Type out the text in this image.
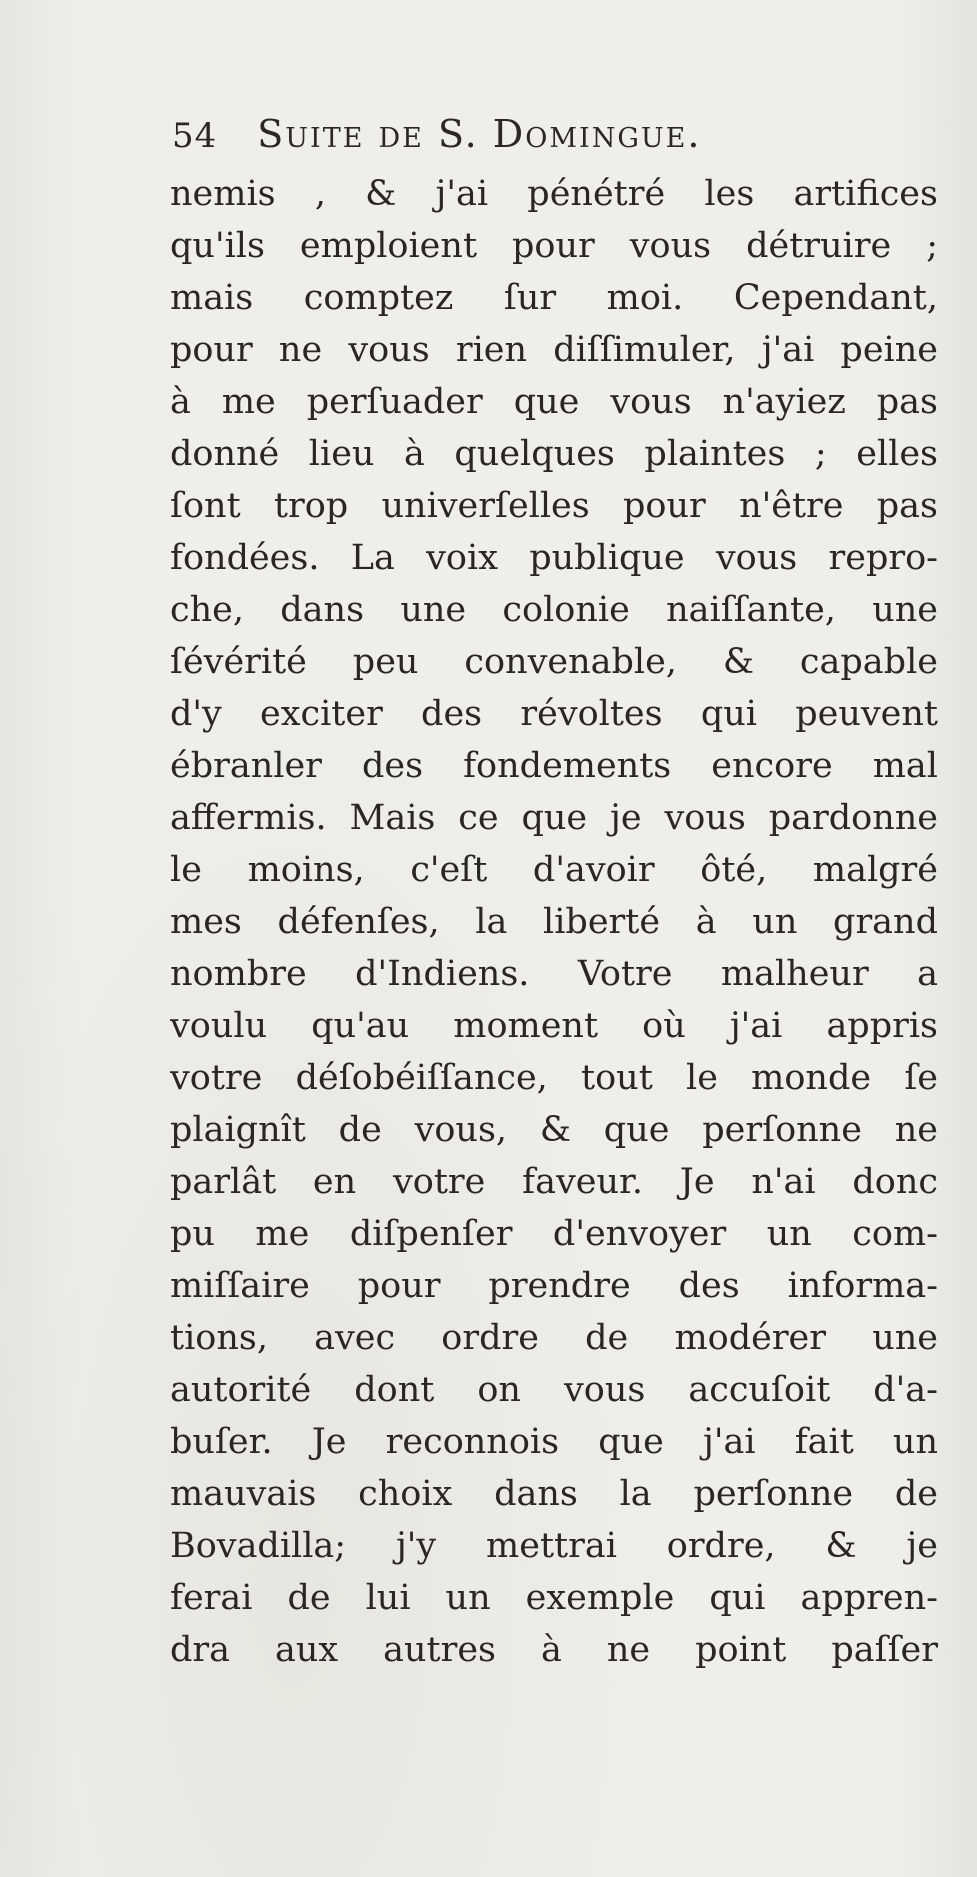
54 Suite de S. Domingue.
nemis , & j'ai pénétré les artifices
qu'ils emploient pour vous détruire ;
mais comptez ſur moi. Cependant,
pour ne vous rien diſſimuler, j'ai peine
à me perſuader que vous n'ayiez pas
donné lieu à quelques plaintes ; elles
ſont trop univerſelles pour n'être pas
fondées. La voix publique vous repro-
che, dans une colonie naiſſante, une
ſévérité peu convenable, & capable
d'y exciter des révoltes qui peuvent
ébranler des fondements encore mal
affermis. Mais ce que je vous pardonne
le moins, c'eſt d'avoir ôté, malgré
mes défenſes, la liberté à un grand
nombre d'Indiens. Votre malheur a
voulu qu'au moment où j'ai appris
votre déſobéiſſance, tout le monde ſe
plaignît de vous, & que perſonne ne
parlât en votre faveur. Je n'ai donc
pu me diſpenſer d'envoyer un com-
miſſaire pour prendre des informa-
tions, avec ordre de modérer une
autorité dont on vous accuſoit d'a-
buſer. Je reconnois que j'ai fait un
mauvais choix dans la perſonne de
Bovadilla; j'y mettrai ordre, & je
ferai de lui un exemple qui appren-
dra aux autres à ne point paſſer
